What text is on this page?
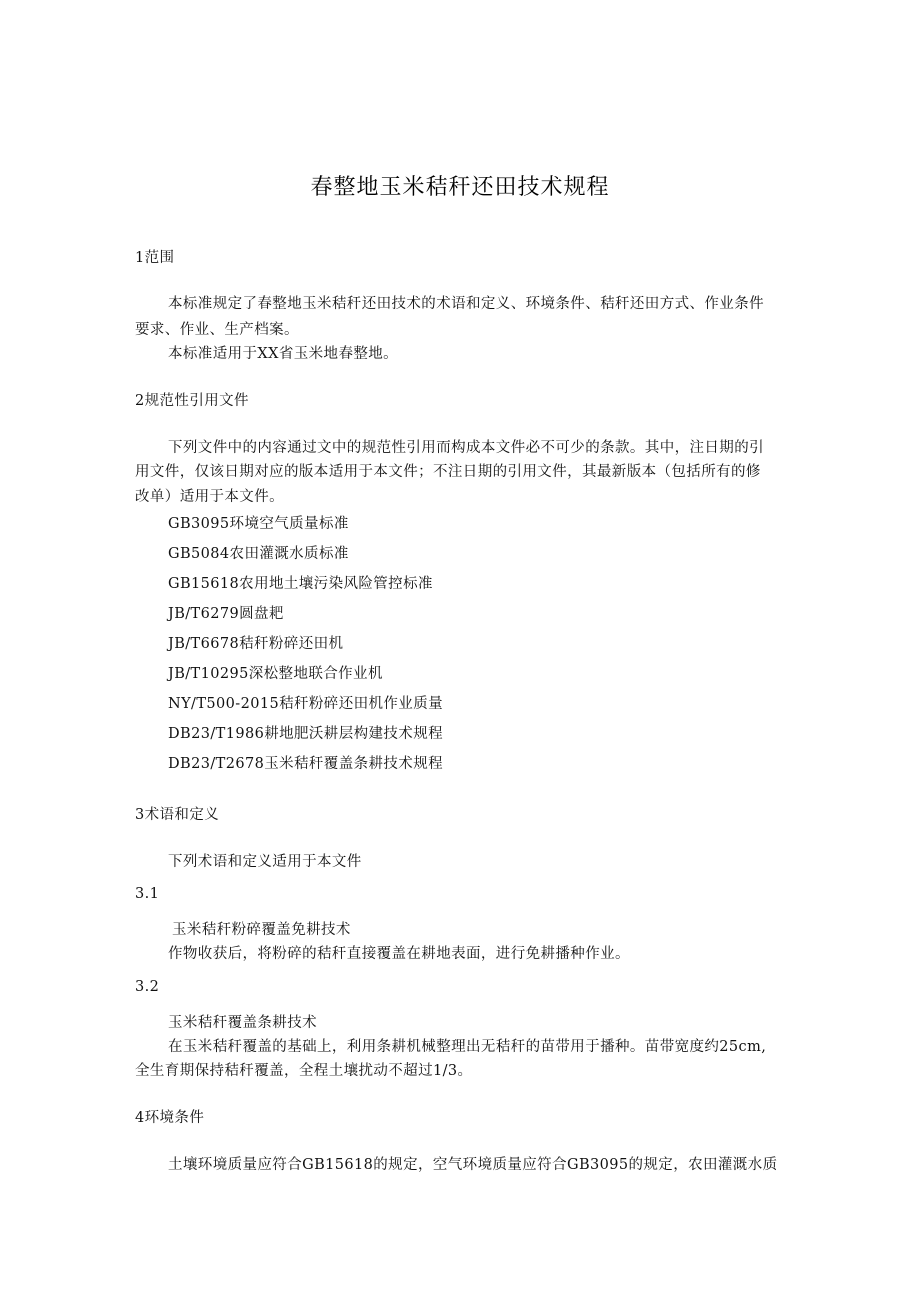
春整地玉米秸秆还田技术规程
1范围
本标准规定了春整地玉米秸秆还田技术的术语和定义、环境条件、秸秆还田方式、作业条件
要求、作业、生产档案。
本标准适用于XX省玉米地春整地。
2规范性引用文件
下列文件中的内容通过文中的规范性引用而构成本文件必不可少的条款。其中，注日期的引
用文件，仅该日期对应的版本适用于本文件；不注日期的引用文件，其最新版本（包括所有的修
改单）适用于本文件。
GB3095环境空气质量标准
GB5084农田灌溉水质标准
GB15618农用地土壤污染风险管控标准
JB/T6279圆盘耙
JB/T6678秸秆粉碎还田机
JB/T10295深松整地联合作业机
NY/T500-2015秸秆粉碎还田机作业质量
DB23/T1986耕地肥沃耕层构建技术规程
DB23/T2678玉米秸秆覆盖条耕技术规程
3术语和定义
下列术语和定义适用于本文件
3.1
玉米秸秆粉碎覆盖免耕技术
作物收获后，将粉碎的秸秆直接覆盖在耕地表面，进行免耕播种作业。
3.2
玉米秸秆覆盖条耕技术
在玉米秸秆覆盖的基础上，利用条耕机械整理出无秸秆的苗带用于播种。苗带宽度约25cm,
全生育期保持秸秆覆盖，全程土壤扰动不超过1/3。
4环境条件
土壤环境质量应符合GB15618的规定，空气环境质量应符合GB3095的规定，农田灌溉水质
